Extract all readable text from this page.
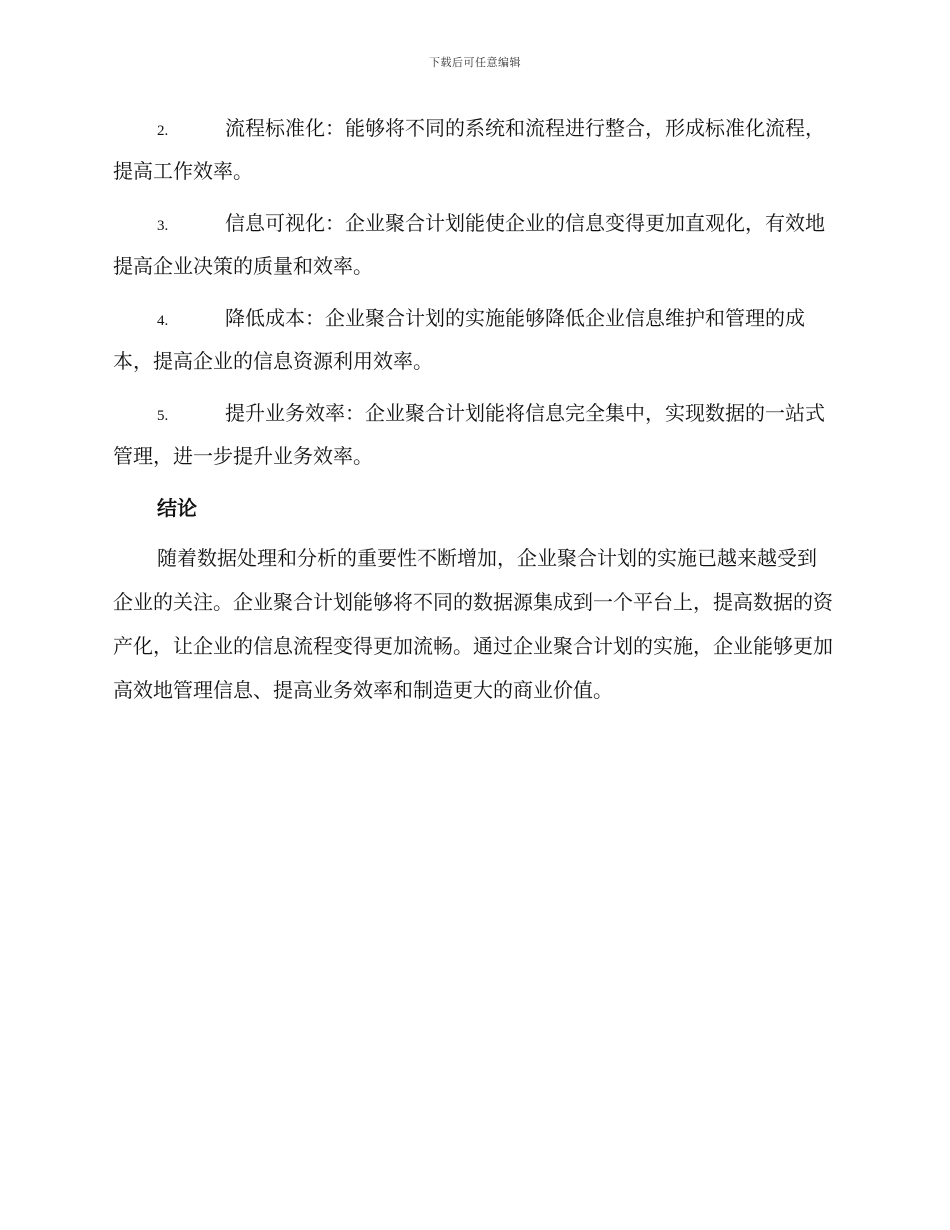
下载后可任意编辑

2.	流程标准化：能够将不同的系统和流程进行整合，形成标准化流程，提高工作效率。

3.	信息可视化：企业聚合计划能使企业的信息变得更加直观化，有效地提高企业决策的质量和效率。

4.	降低成本：企业聚合计划的实施能够降低企业信息维护和管理的成本，提高企业的信息资源利用效率。

5.	提升业务效率：企业聚合计划能将信息完全集中，实现数据的一站式管理，进一步提升业务效率。

结论

随着数据处理和分析的重要性不断增加，企业聚合计划的实施已越来越受到企业的关注。企业聚合计划能够将不同的数据源集成到一个平台上，提高数据的资产化，让企业的信息流程变得更加流畅。通过企业聚合计划的实施，企业能够更加高效地管理信息、提高业务效率和制造更大的商业价值。
